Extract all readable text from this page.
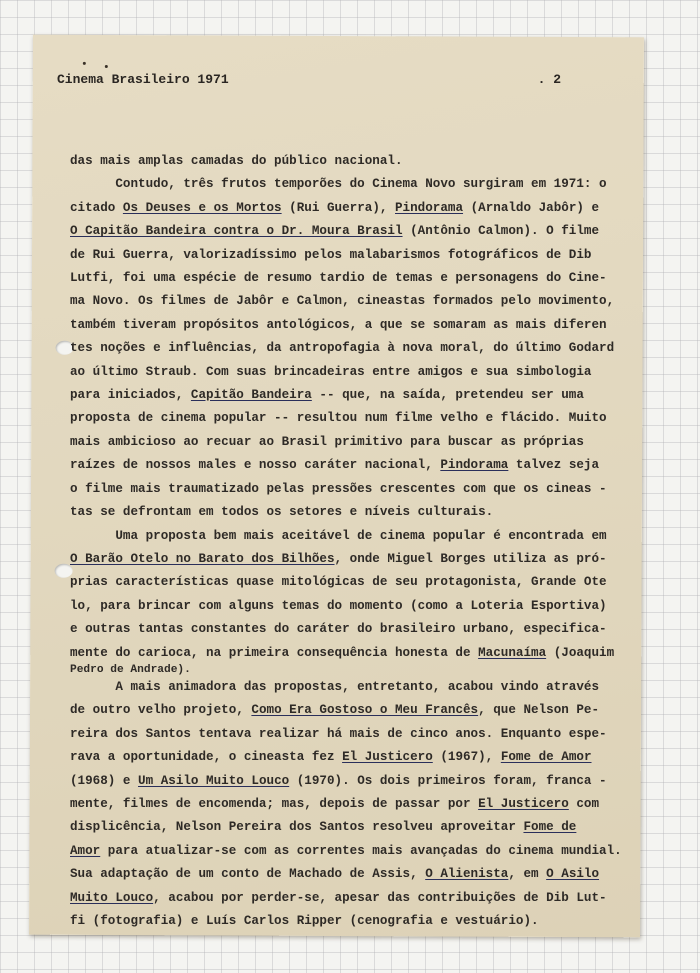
Cinema Brasileiro 1971	. 2
das mais amplas camadas do público nacional.
Contudo, três frutos temporões do Cinema Novo surgiram em 1971: o
citado Os Deuses e os Mortos (Rui Guerra), Pindorama (Arnaldo Jabôr) e
O Capitão Bandeira contra o Dr. Moura Brasil (Antônio Calmon). O filme
de Rui Guerra, valorizadíssimo pelos malabarismos fotográficos de Dib
Lutfi, foi uma espécie de resumo tardio de temas e personagens do Cine-
ma Novo. Os filmes de Jabôr e Calmon, cineastas formados pelo movimento,
também tiveram propósitos antológicos, a que se somaram as mais diferen
tes noções e influências, da antropofagia à nova moral, do último Godard
ao último Straub. Com suas brincadeiras entre amigos e sua simbologia
para iniciados, Capitão Bandeira -- que, na saída, pretendeu ser uma
proposta de cinema popular -- resultou num filme velho e flácido. Muito
mais ambicioso ao recuar ao Brasil primitivo para buscar as próprias
raízes de nossos males e nosso caráter nacional, Pindorama talvez seja
o filme mais traumatizado pelas pressões crescentes com que os cineas -
tas se defrontam em todos os setores e níveis culturais.
Uma proposta bem mais aceitável de cinema popular é encontrada em
O Barão Otelo no Barato dos Bilhões, onde Miguel Borges utiliza as pró-
prias características quase mitológicas de seu protagonista, Grande Ote
lo, para brincar com alguns temas do momento (como a Loteria Esportiva)
e outras tantas constantes do caráter do brasileiro urbano, especifica-
mente do carioca, na primeira consequência honesta de Macunaíma (Joaquim
Pedro de Andrade).
A mais animadora das propostas, entretanto, acabou vindo através
de outro velho projeto, Como Era Gostoso o Meu Francês, que Nelson Pe-
reira dos Santos tentava realizar há mais de cinco anos. Enquanto espe-
rava a oportunidade, o cineasta fez El Justicero (1967), Fome de Amor
(1968) e Um Asilo Muito Louco (1970). Os dois primeiros foram, franca -
mente, filmes de encomenda; mas, depois de passar por El Justicero com
displicência, Nelson Pereira dos Santos resolveu aproveitar Fome de
Amor para atualizar-se com as correntes mais avançadas do cinema mundial.
Sua adaptação de um conto de Machado de Assis, O Alienista, em O Asilo
Muito Louco, acabou por perder-se, apesar das contribuições de Dib Lut-
fi (fotografia) e Luís Carlos Ripper (cenografia e vestuário).
